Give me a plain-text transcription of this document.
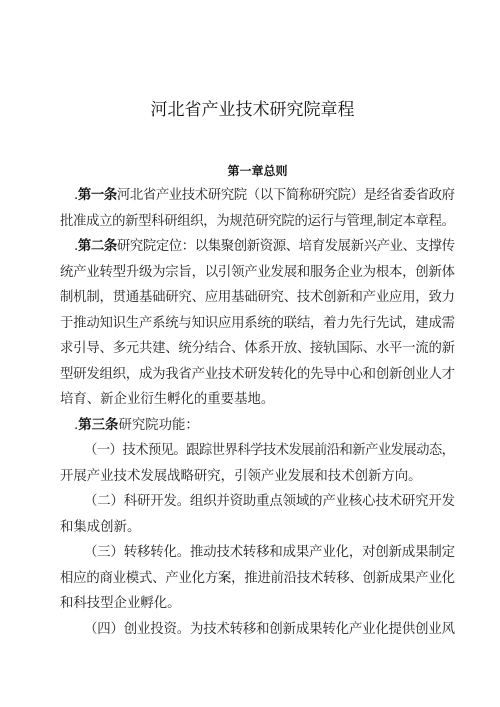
河北省产业技术研究院章程
第一章总则
.第一条河北省产业技术研究院（以下简称研究院）是经省委省政府
批准成立的新型科研组织，为规范研究院的运行与管理,制定本章程。
.第二条研究院定位：以集聚创新资源、培育发展新兴产业、支撑传
统产业转型升级为宗旨，以引领产业发展和服务企业为根本，创新体
制机制，贯通基础研究、应用基础研究、技术创新和产业应用，致力
于推动知识生产系统与知识应用系统的联结，着力先行先试，建成需
求引导、多元共建、统分结合、体系开放、接轨国际、水平一流的新
型研发组织，成为我省产业技术研发转化的先导中心和创新创业人才
培育、新企业衍生孵化的重要基地。
.第三条研究院功能：
（一）技术预见。跟踪世界科学技术发展前沿和新产业发展动态，
开展产业技术发展战略研究，引领产业发展和技术创新方向。
（二）科研开发。组织并资助重点领域的产业核心技术研究开发
和集成创新。
（三）转移转化。推动技术转移和成果产业化，对创新成果制定
相应的商业模式、产业化方案，推进前沿技术转移、创新成果产业化
和科技型企业孵化。
（四）创业投资。为技术转移和创新成果转化产业化提供创业风
